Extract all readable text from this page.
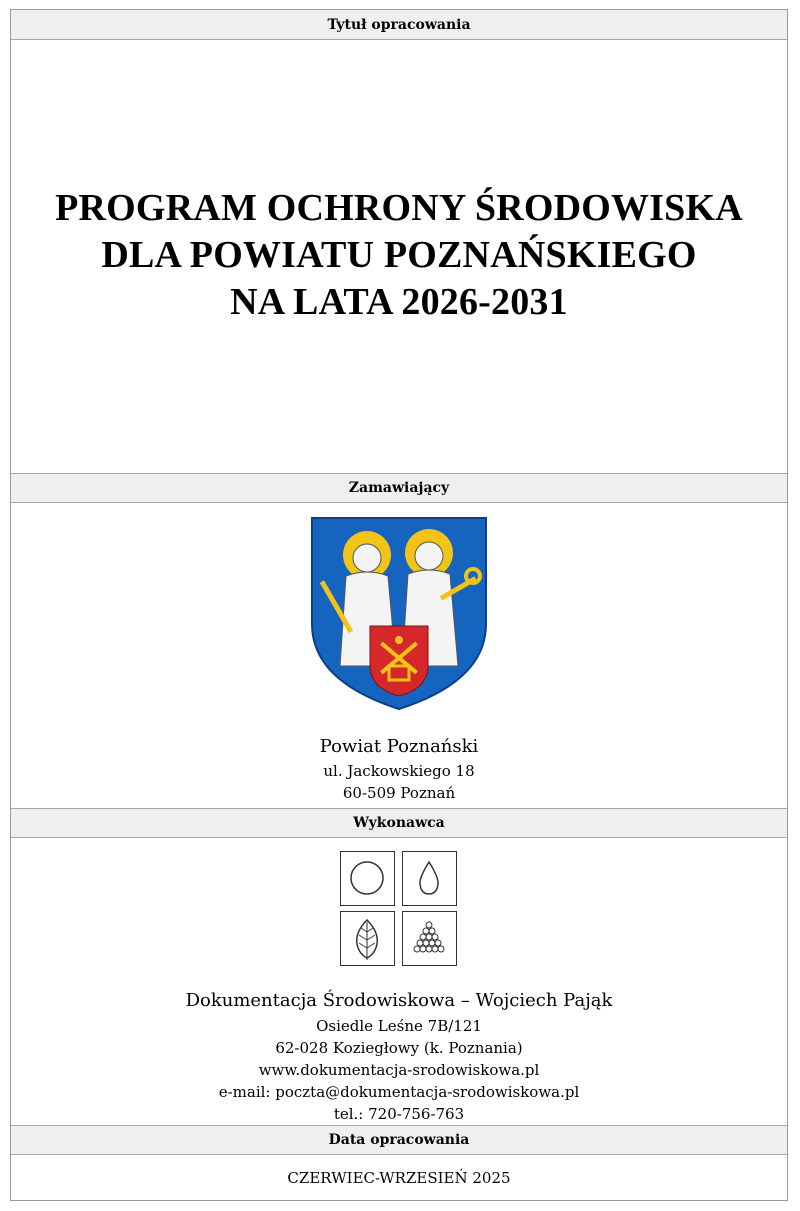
Tytuł opracowania
PROGRAM OCHRONY ŚRODOWISKA
DLA POWIATU POZNAŃSKIEGO
NA LATA 2026-2031
Zamawiający
Powiat Poznański
ul. Jackowskiego 18
60-509 Poznań
Wykonawca
Dokumentacja Środowiskowa – Wojciech Pająk
Osiedle Leśne 7B/121
62-028 Koziegłowy (k. Poznania)
www.dokumentacja-srodowiskowa.pl
e-mail: poczta@dokumentacja-srodowiskowa.pl
tel.: 720-756-763
Data opracowania
CZERWIEC-WRZESIEŃ 2025
